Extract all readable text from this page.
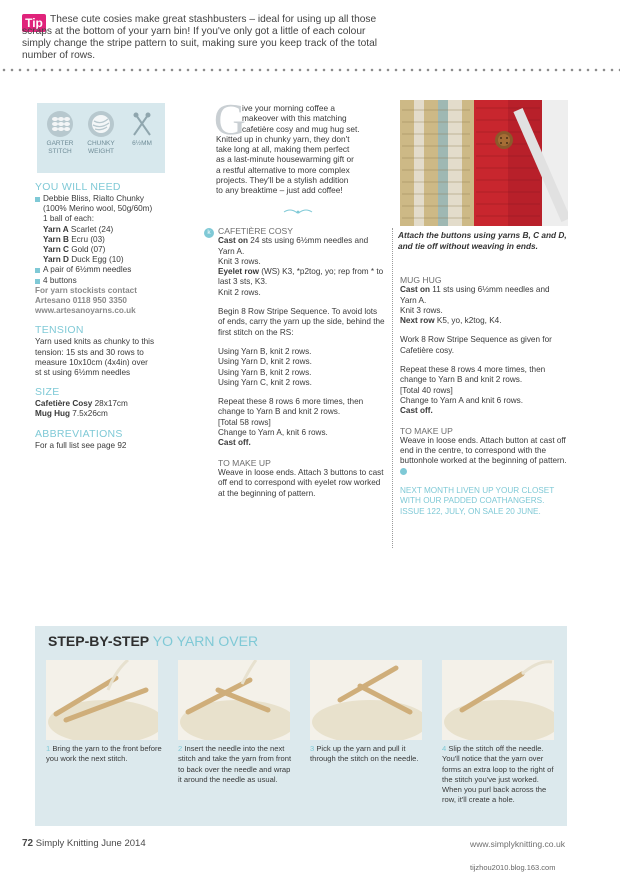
Tip These cute cosies make great stashbusters – ideal for using up all those scraps at the bottom of your yarn bin! If you've only got a little of each colour simply change the stripe pattern to suit, making sure you keep track of the total number of rows.
GARTER
STITCH
CHUNKY
WEIGHT
6½MM
YOU WILL NEED
Debbie Bliss, Rialto Chunky
(100% Merino wool, 50g/60m)
1 ball of each:
Yarn A Scarlet (24)
Yarn B Ecru (03)
Yarn C Gold (07)
Yarn D Duck Egg (10)
A pair of 6½mm needles
4 buttons
For yarn stockists contact
Artesano 0118 950 3350
www.artesanoyarns.co.uk
TENSION
Yarn used knits as chunky to this
tension: 15 sts and 30 rows to
measure 10x10cm (4x4in) over
st st using 6½mm needles
SIZE
Cafetière Cosy 28x17cm
Mug Hug 7.5x26cm
ABBREVIATIONS
For a full list see page 92
G
ive your morning coffee a
makeover with this matching
cafetière cosy and mug hug set.
Knitted up in chunky yarn, they don't
take long at all, making them perfect
as a last-minute housewarming gift or
a restful alternative to more complex
projects. They'll be a stylish addition
to any breaktime – just add coffee!
k CAFETIÈRE COSY

Cast on 24 sts using 6½mm needles and Yarn A.
Knit 3 rows.
Eyelet row (WS) K3, *p2tog, yo; rep from * to last 3 sts, K3.
Knit 2 rows.

Begin 8 Row Stripe Sequence. To avoid lots of ends, carry the yarn up the side, behind the first stitch on the RS:

Using Yarn B, knit 2 rows.
Using Yarn D, knit 2 rows.
Using Yarn B, knit 2 rows.
Using Yarn C, knit 2 rows.

Repeat these 8 rows 6 more times, then change to Yarn B and knit 2 rows.
[Total 58 rows]
Change to Yarn A, knit 6 rows.
Cast off.

TO MAKE UP

Weave in loose ends. Attach 3 buttons to cast off end to correspond with eyelet row worked at the beginning of pattern.

Attach the buttons using yarns B, C and D, and tie off without weaving in ends.
MUG HUG

Cast on 11 sts using 6½mm needles and Yarn A.
Knit 3 rows.
Next row K5, yo, k2tog, K4.

Work 8 Row Stripe Sequence as given for Cafetière cosy.

Repeat these 8 rows 4 more times, then change to Yarn B and knit 2 rows.
[Total 40 rows]
Change to Yarn A and knit 6 rows.
Cast off.

TO MAKE UP

Weave in loose ends. Attach button at cast off end in the centre, to correspond with the buttonhole worked at the beginning of pattern.

NEXT MONTH LIVEN UP YOUR CLOSET WITH OUR PADDED COATHANGERS. ISSUE 122, JULY, ON SALE 20 JUNE.

STEP-BY-STEP YO YARN OVER
1 Bring the yarn to the front before you work the next stitch.
2 Insert the needle into the next stitch and take the yarn from front to back over the needle and wrap it around the needle as usual.
3 Pick up the yarn and pull it through the stitch on the needle.
4 Slip the stitch off the needle. You'll notice that the yarn over forms an extra loop to the right of the stitch you've just worked. When you purl back across the row, it'll create a hole.
72 Simply Knitting June 2014	www.simplyknitting.co.uk
tijzhou2010.blog.163.com
